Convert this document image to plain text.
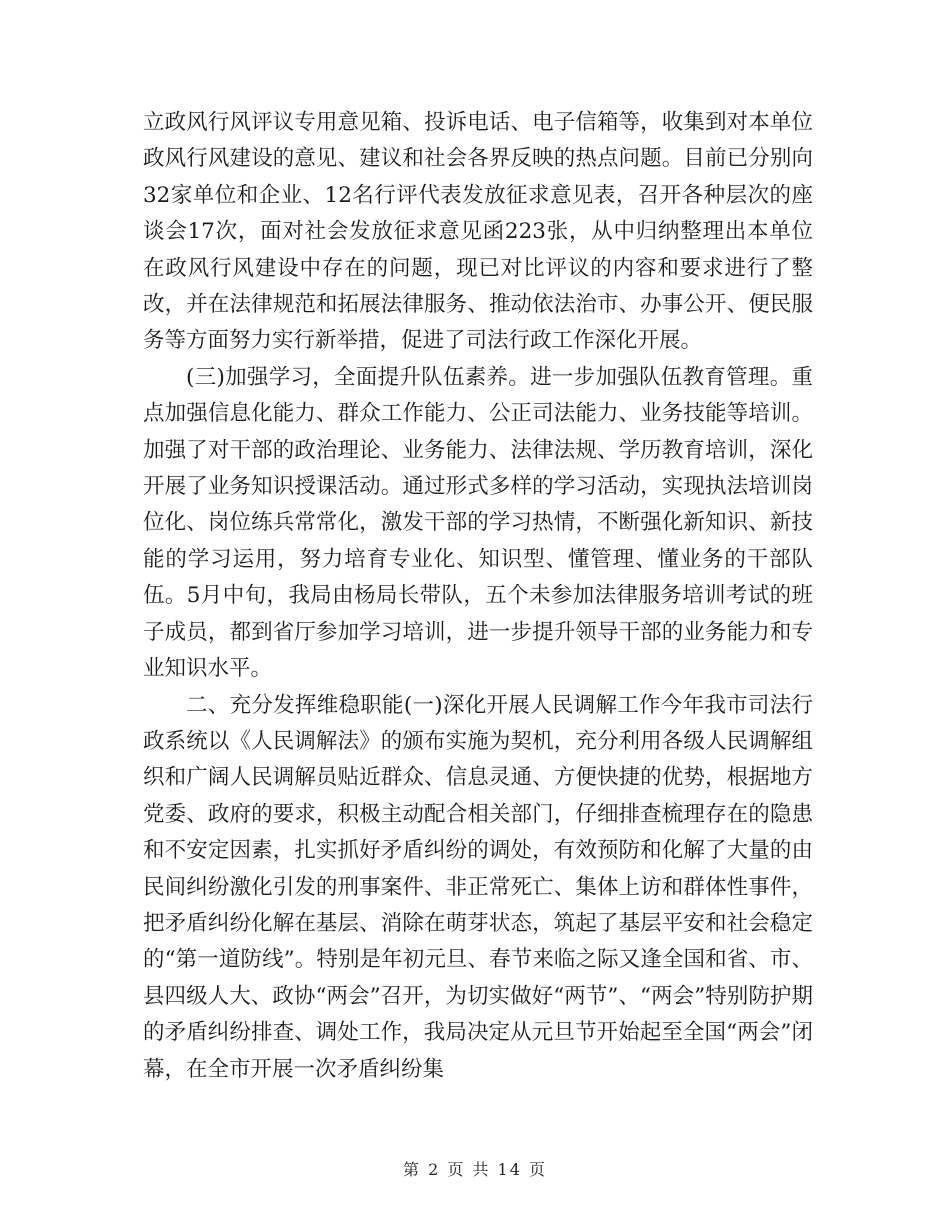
立政风行风评议专用意见箱、投诉电话、电子信箱等，收集到对本单位政风行风建设的意见、建议和社会各界反映的热点问题。目前已分别向32家单位和企业、12名行评代表发放征求意见表，召开各种层次的座谈会17次，面对社会发放征求意见函223张，从中归纳整理出本单位在政风行风建设中存在的问题，现已对比评议的内容和要求进行了整改，并在法律规范和拓展法律服务、推动依法治市、办事公开、便民服务等方面努力实行新举措，促进了司法行政工作深化开展。

(三)加强学习，全面提升队伍素养。进一步加强队伍教育管理。重点加强信息化能力、群众工作能力、公正司法能力、业务技能等培训。加强了对干部的政治理论、业务能力、法律法规、学历教育培训，深化开展了业务知识授课活动。通过形式多样的学习活动，实现执法培训岗位化、岗位练兵常常化，激发干部的学习热情，不断强化新知识、新技能的学习运用，努力培育专业化、知识型、懂管理、懂业务的干部队伍。5月中旬，我局由杨局长带队，五个未参加法律服务培训考试的班子成员，都到省厅参加学习培训，进一步提升领导干部的业务能力和专业知识水平。

二、充分发挥维稳职能(一)深化开展人民调解工作今年我市司法行政系统以《人民调解法》的颁布实施为契机，充分利用各级人民调解组织和广阔人民调解员贴近群众、信息灵通、方便快捷的优势，根据地方党委、政府的要求，积极主动配合相关部门，仔细排查梳理存在的隐患和不安定因素，扎实抓好矛盾纠纷的调处，有效预防和化解了大量的由民间纠纷激化引发的刑事案件、非正常死亡、集体上访和群体性事件，把矛盾纠纷化解在基层、消除在萌芽状态，筑起了基层平安和社会稳定的“第一道防线”。特别是年初元旦、春节来临之际又逢全国和省、市、县四级人大、政协“两会”召开，为切实做好“两节”、“两会”特别防护期的矛盾纠纷排查、调处工作，我局决定从元旦节开始起至全国“两会”闭幕，在全市开展一次矛盾纠纷集

第 2 页 共 14 页
